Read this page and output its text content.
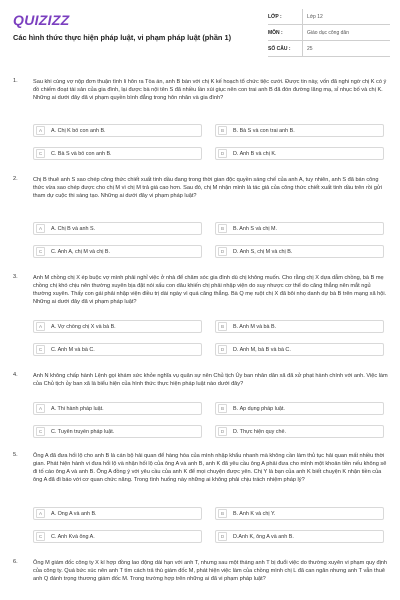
QUIZIZZ
Các hình thức thực hiện pháp luật, vi phạm pháp luật (phần 1)
LỚP :	Lớp 12
MÔN :	Giáo dục công dân
SỐ CÂU :	25
1.	Sau khi cùng vợ nộp đơn thuận tình li hôn ra Tòa án, anh B bàn với chị K kế hoạch tổ chức tiệc cưới. Được tin này, vốn đã nghi ngờ chị K có ý đồ chiếm đoạt tài sản của gia đình, lại được bà nội tên S đã nhiều lần xúi giục nên con trai anh B đã đón đường lăng mạ, sỉ nhục bố và chị K. Những ai dưới đây đã vi phạm quyền bình đẳng trong hôn nhân và gia đình?
A	A. Chị K bố con anh B.	B	B. Bà S và con trai anh B.
C	C. Bà S và bố con anh B.	D	D. Anh B và chị K.
2.	Chị B thuê anh S sao chép công thức chiết xuất tinh dầu đang trong thời gian độc quyền sáng chế của anh A, tuy nhiên, anh S đã bán công thức vừa sao chép được cho chị M vì chị M trả giá cao hơn. Sau đó, chị M nhận mình là tác giả của công thức chiết xuất tinh dầu trên rồi gửi tham dự cuộc thi sáng tạo. Những ai dưới đây vi phạm pháp luật?
A	A. Chị B và anh S.	B	B. Anh S và chị M.
C	C. Anh A, chị M và chị B.	D	D. Anh S, chị M và chị B.
3.	Anh M chồng chị X ép buộc vợ mình phải nghỉ việc ở nhà để chăm sóc gia đình dù chị không muốn. Cho rằng chị X dựa dẫm chồng, bà B mẹ chồng chị khó chịu nên thường xuyên bịa đặt nói xấu con dâu khiến chị phải nhập viện do suy nhược cơ thể do căng thẳng nên mắt ngủ thường xuyên. Thấy con gái phải nhập viện điều trị dài ngày vì quá căng thẳng. Bà Q mẹ ruột chị X đã bôi nhọ danh dự bà B trên mạng xã hội. Những ai dưới đây đã vi phạm pháp luật?
A	A. Vợ chồng chị X và bà B.	B	B. Anh M và bà B.
C	C. Anh M và bà C.	D	D. Anh M, bà B và bà C.
4.	Anh N không chấp hành Lệnh gọi khám sức khỏe nghĩa vụ quân sự nên Chủ tịch Ủy ban nhân dân xã đã xử phạt hành chính với anh. Việc làm của Chủ tịch ủy ban xã là biểu hiện của hình thức thực hiện pháp luật nào dưới đây?
A	A. Thi hành pháp luật.	B	B. Áp dụng pháp luật.
C	C. Tuyên truyền pháp luật.	D	D. Thực hiện quy chế.
5.	Ông A đã đưa hối lộ cho anh B là cán bộ hải quan để hàng hóa của mình nhập khẩu nhanh mà không cần làm thủ tục hải quan mất nhiều thời gian. Phát hiện hành vi đưa hối lộ và nhận hối lộ của ông A và anh B, anh K đã yêu cầu ông A phải đưa cho mình một khoản tiền nếu không sẽ đi tố cáo ông A và anh B. Ông A đồng ý với yêu cầu của anh K để mọi chuyện được yên. Chị Y là bạn của anh K biết chuyện K nhận tiền của ông A đã đi báo với cơ quan chức năng. Trong tình huống này những ai không phải chịu trách nhiệm pháp lý?
A	A. Ông A và anh B.	B	B. Anh K và chị Y.
C	C. Anh Kvà ông A.	D	D.Anh K, ông A và anh B.
6.	Ông M giám đốc công ty X kí hợp đồng lao động dài hạn với anh T, nhưng sau một tháng anh T bị đuổi việc do thường xuyên vi phạm quy định của công ty. Quá bức xúc nên anh T tìm cách trả thù giám đốc M, phát hiện việc làm của chồng mình chị L đã can ngăn nhưng anh T vẫn thuê anh Q đánh trọng thương giám đốc M. Trong trường hợp trên những ai đã vi phạm pháp luật?
